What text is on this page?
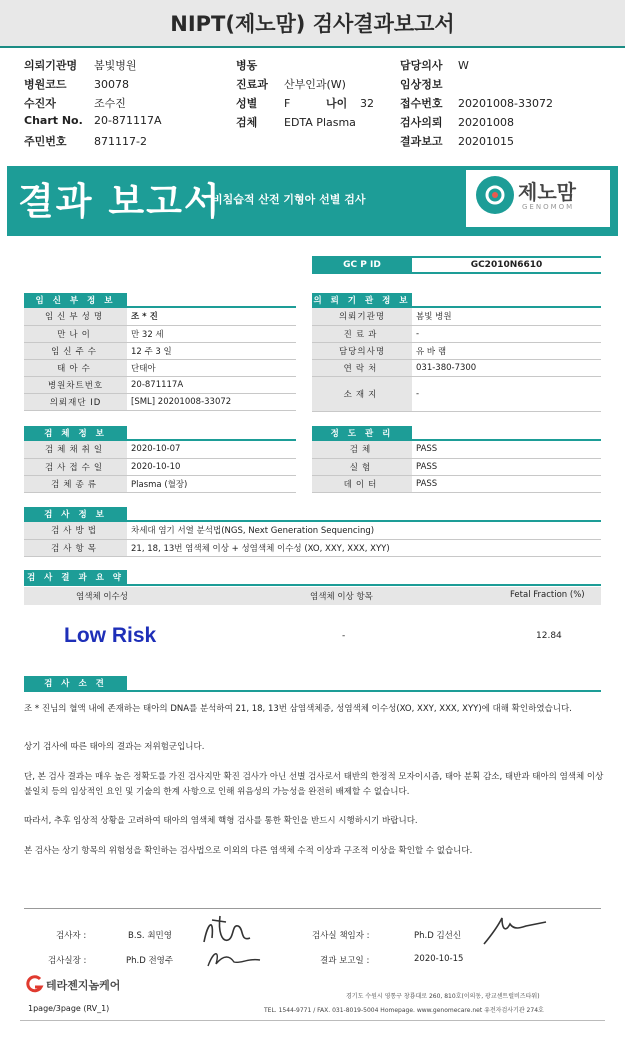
NIPT(제노맘) 검사결과보고서
의뢰기관명 봄빛병원
병원코드 30078
수진자	조수진
Chart No. 20-871117A
주민번호 871117-2
병동
진료과 산부인과(W)
성별 F	나이 32
검체 EDTA Plasma
담당의사 W
임상정보
접수번호 20201008-33072
검사의뢰 20201008
결과보고 20201015
결과 보고서
비침습적 산전 기형아 선별 검사	제노맘
GENOMOM
GC P ID	GC2010N6610
임 신 부 정 보
임신부성명	조 * 진
만나이	만 32 세
임신주수	12 주 3 일
태아수	단태아
병원차트번호	20-871117A
의뢰재단 ID	[SML] 20201008-33072
의 뢰 기 관 정 보
의뢰기관명	봄빛 병원
진료과	-
담당의사명	유 바 램
연락처	031-380-7300
소재지	-
검 체 정 보
검체채취일	2020-10-07
검사접수일	2020-10-10
검체종류	Plasma (혈장)
정 도 관 리
검체	PASS
실험	PASS
데이터	PASS
검 사 정 보
검사방법	차세대 염기 서열 분석법(NGS, Next Generation Sequencing)
검사항목	21, 18, 13번 염색체 이상 + 성염색체 이수성 (XO, XXY, XXX, XYY)
검 사 결 과 요 약
염색체 이수성	염색체 이상 항목	Fetal Fraction (%)
Low Risk	-	12.84
검 사 소 견
조 * 진님의 혈액 내에 존재하는 태아의 DNA를 분석하여 21, 18, 13번 삼염색체증, 성염색체 이수성(XO, XXY, XXX, XYY)에 대해 확인하였습니다.
상기 검사에 따른 태아의 결과는 저위험군입니다.
단, 본 검사 결과는 매우 높은 정확도를 가진 검사지만 확진 검사가 아닌 선별 검사로서 태반의 한정적 모자이시즘, 태아 분획 감소, 태반과 태아의 염색체 이상 불일치 등의 임상적인 요인 및 기술의 한계 사항으로 인해 위음성의 가능성을 완전히 배제할 수 없습니다.
따라서, 추후 임상적 상황을 고려하여 태아의 염색체 핵형 검사를 통한 확인을 반드시 시행하시기 바랍니다.
본 검사는 상기 항목의 위험성을 확인하는 검사법으로 이외의 다른 염색체 수적 이상과 구조적 이상을 확인할 수 없습니다.
검사자 :	B.S. 최민영	검사실 책임자 :	Ph.D 김선신
검사실장 :	Ph.D 전영주	결과 보고일 :	2020-10-15
테라젠지놈케어
경기도 수원시 영통구 창룡대로 260, 810호(이의동, 광교센트럴비즈타워)
1page/3page (RV_1)	TEL. 1544-9771 / FAX. 031-8019-5004 Homepage. www.genomecare.net 유전자검사기관 274호
